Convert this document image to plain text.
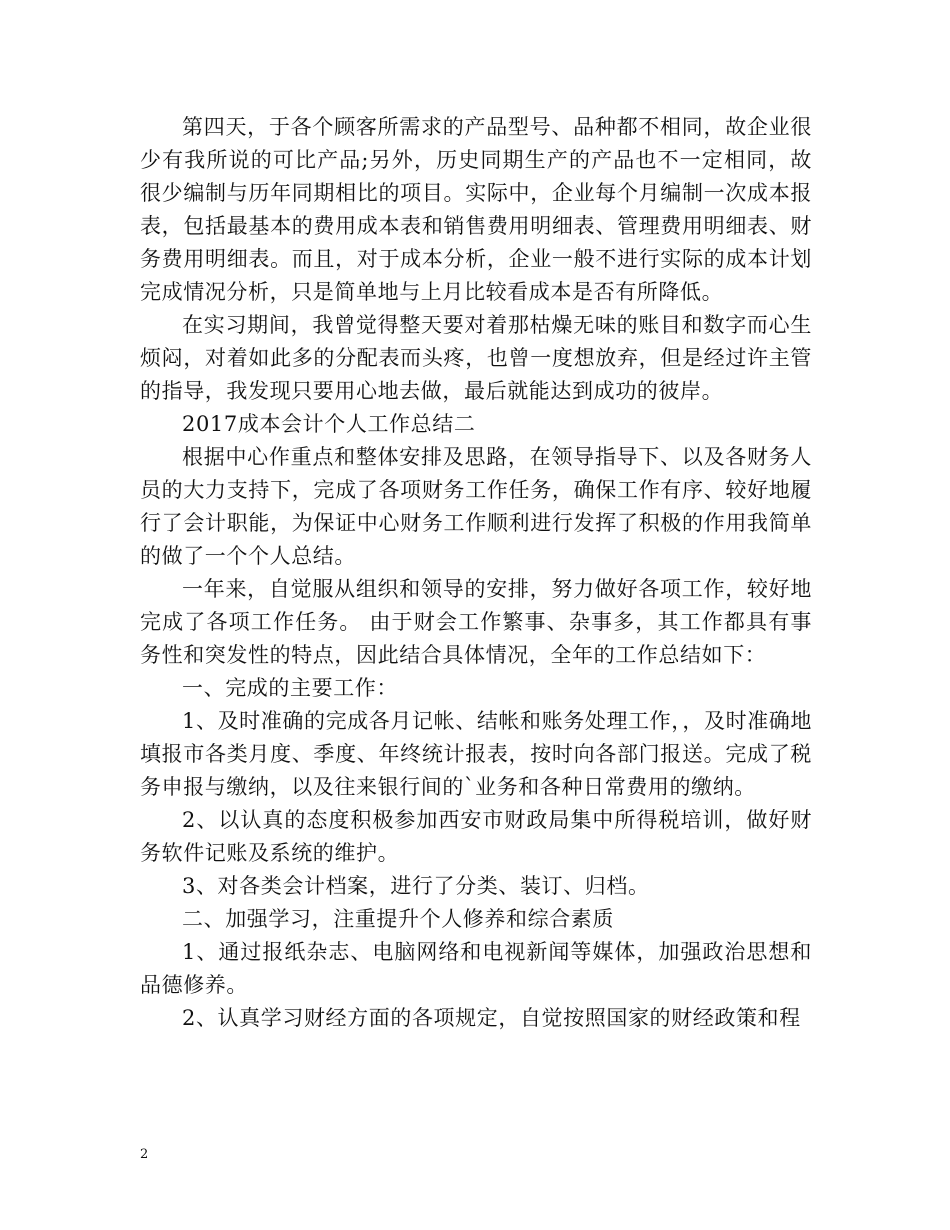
第四天，于各个顾客所需求的产品型号、品种都不相同，故企业很少有我所说的可比产品;另外，历史同期生产的产品也不一定相同，故很少编制与历年同期相比的项目。实际中，企业每个月编制一次成本报表，包括最基本的费用成本表和销售费用明细表、管理费用明细表、财务费用明细表。而且，对于成本分析，企业一般不进行实际的成本计划完成情况分析，只是简单地与上月比较看成本是否有所降低。

在实习期间，我曾觉得整天要对着那枯燥无味的账目和数字而心生烦闷，对着如此多的分配表而头疼，也曾一度想放弃，但是经过许主管的指导，我发现只要用心地去做，最后就能达到成功的彼岸。

2017成本会计个人工作总结二

根据中心作重点和整体安排及思路，在领导指导下、以及各财务人员的大力支持下，完成了各项财务工作任务，确保工作有序、较好地履行了会计职能，为保证中心财务工作顺利进行发挥了积极的作用我简单的做了一个个人总结。

一年来，自觉服从组织和领导的安排，努力做好各项工作，较好地完成了各项工作任务。 由于财会工作繁事、杂事多，其工作都具有事务性和突发性的特点，因此结合具体情况，全年的工作总结如下：

一、完成的主要工作：

1、及时准确的完成各月记帐、结帐和账务处理工作，，及时准确地填报市各类月度、季度、年终统计报表，按时向各部门报送。完成了税务申报与缴纳，以及往来银行间的`业务和各种日常费用的缴纳。

2、以认真的态度积极参加西安市财政局集中所得税培训，做好财务软件记账及系统的维护。

3、对各类会计档案，进行了分类、装订、归档。

二、加强学习，注重提升个人修养和综合素质

1、通过报纸杂志、电脑网络和电视新闻等媒体，加强政治思想和品德修养。

2、认真学习财经方面的各项规定，自觉按照国家的财经政策和程

2
